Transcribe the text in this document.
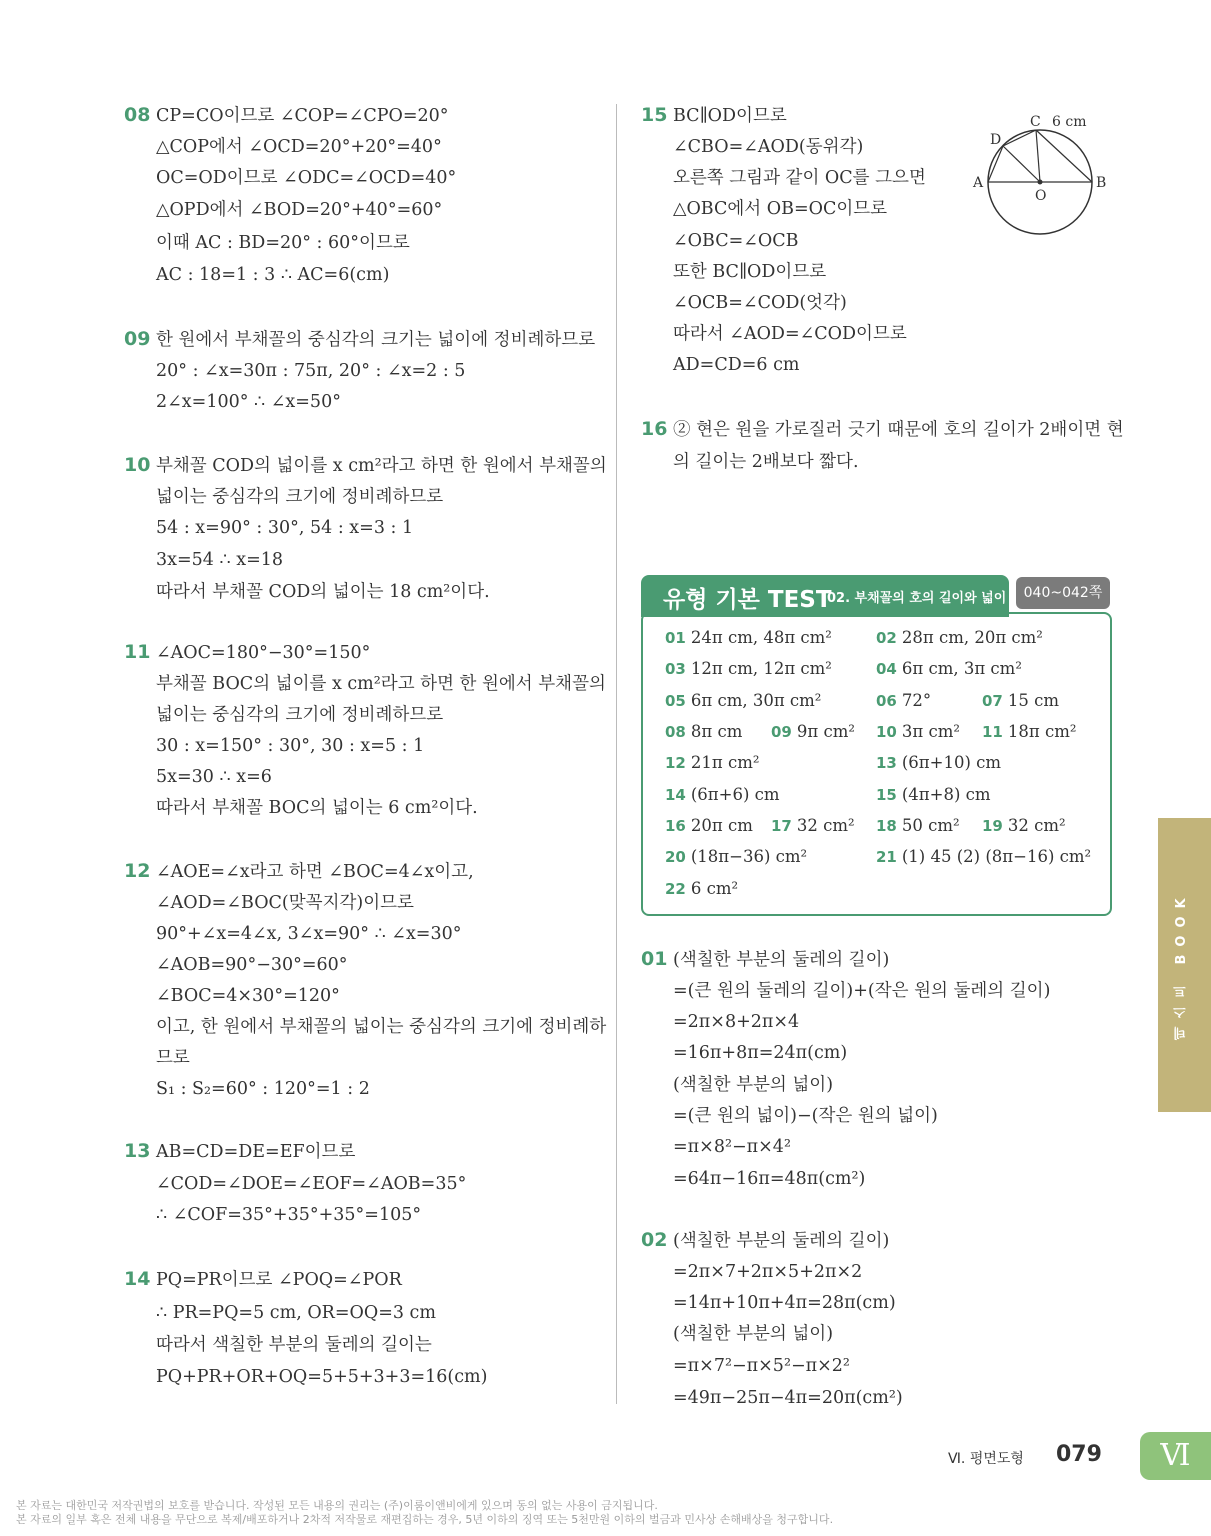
08 CP=CO이므로 ∠COP=∠CPO=20°
△COP에서 ∠OCD=20°+20°=40°
OC=OD이므로 ∠ODC=∠OCD=40°
△OPD에서 ∠BOD=20°+40°=60°
이때 AC : BD=20° : 60°이므로
AC : 18=1 : 3 ∴ AC=6(cm)
09 한 원에서 부채꼴의 중심각의 크기는 넓이에 정비례하므로
20° : ∠x=30π : 75π, 20° : ∠x=2 : 5
2∠x=100° ∴ ∠x=50°
10 부채꼴 COD의 넓이를 x cm²라고 하면 한 원에서 부채꼴의
넓이는 중심각의 크기에 정비례하므로
54 : x=90° : 30°, 54 : x=3 : 1
3x=54 ∴ x=18
따라서 부채꼴 COD의 넓이는 18 cm²이다.
11 ∠AOC=180°−30°=150°
부채꼴 BOC의 넓이를 x cm²라고 하면 한 원에서 부채꼴의
넓이는 중심각의 크기에 정비례하므로
30 : x=150° : 30°, 30 : x=5 : 1
5x=30 ∴ x=6
따라서 부채꼴 BOC의 넓이는 6 cm²이다.
12 ∠AOE=∠x라고 하면 ∠BOC=4∠x이고,
∠AOD=∠BOC(맞꼭지각)이므로
90°+∠x=4∠x, 3∠x=90° ∴ ∠x=30°
∠AOB=90°−30°=60°
∠BOC=4×30°=120°
이고, 한 원에서 부채꼴의 넓이는 중심각의 크기에 정비례하
므로
S₁ : S₂=60° : 120°=1 : 2
13 AB=CD=DE=EF이므로
∠COD=∠DOE=∠EOF=∠AOB=35°
∴ ∠COF=35°+35°+35°=105°
14 PQ=PR이므로 ∠POQ=∠POR
∴ PR=PQ=5 cm, OR=OQ=3 cm
따라서 색칠한 부분의 둘레의 길이는
PQ+PR+OR+OQ=5+5+3+3=16(cm)
15 BC∥OD이므로
∠CBO=∠AOD(동위각)
오른쪽 그림과 같이 OC를 그으면
△OBC에서 OB=OC이므로
∠OBC=∠OCB
또한 BC∥OD이므로
∠OCB=∠COD(엇각)
따라서 ∠AOD=∠COD이므로
AD=CD=6 cm
16 ② 현은 원을 가로질러 긋기 때문에 호의 길이가 2배이면 현
의 길이는 2배보다 짧다.
01 (색칠한 부분의 둘레의 길이)
=(큰 원의 둘레의 길이)+(작은 원의 둘레의 길이)
=2π×8+2π×4
=16π+8π=24π(cm)
(색칠한 부분의 넓이)
=(큰 원의 넓이)−(작은 원의 넓이)
=π×8²−π×4²
=64π−16π=48π(cm²)
02 (색칠한 부분의 둘레의 길이)
=2π×7+2π×5+2π×2
=14π+10π+4π=28π(cm)
(색칠한 부분의 넓이)
=π×7²−π×5²−π×2²
=49π−25π−4π=20π(cm²)
C 6 cm
D
A
O
B
유형 기본 TEST
02. 부채꼴의 호의 길이와 넓이	040~042쪽
01 24π cm, 48π cm²	02 28π cm, 20π cm²
03 12π cm, 12π cm²	04 6π cm, 3π cm²
05 6π cm, 30π cm²	06 72°	07 15 cm
08 8π cm 09 9π cm² 10 3π cm² 11 18π cm²
12 21π cm²	13 (6π+10) cm
14 (6π+6) cm	15 (4π+8) cm
16 20π cm 17 32 cm² 18 50 cm² 19 32 cm²
20 (18π−36) cm²	21 (1) 45 (2) (8π−16) cm²
22 6 cm²
테스트 BOOK
Ⅵ. 평면도형 079	Ⅵ
본 자료는 대한민국 저작권법의 보호를 받습니다. 작성된 모든 내용의 권리는 (주)이룸이앤비에게 있으며 동의 없는 사용이 금지됩니다.
본 자료의 일부 혹은 전체 내용을 무단으로 복제/배포하거나 2차적 저작물로 재편집하는 경우, 5년 이하의 징역 또는 5천만원 이하의 벌금과 민사상 손해배상을 청구합니다.
